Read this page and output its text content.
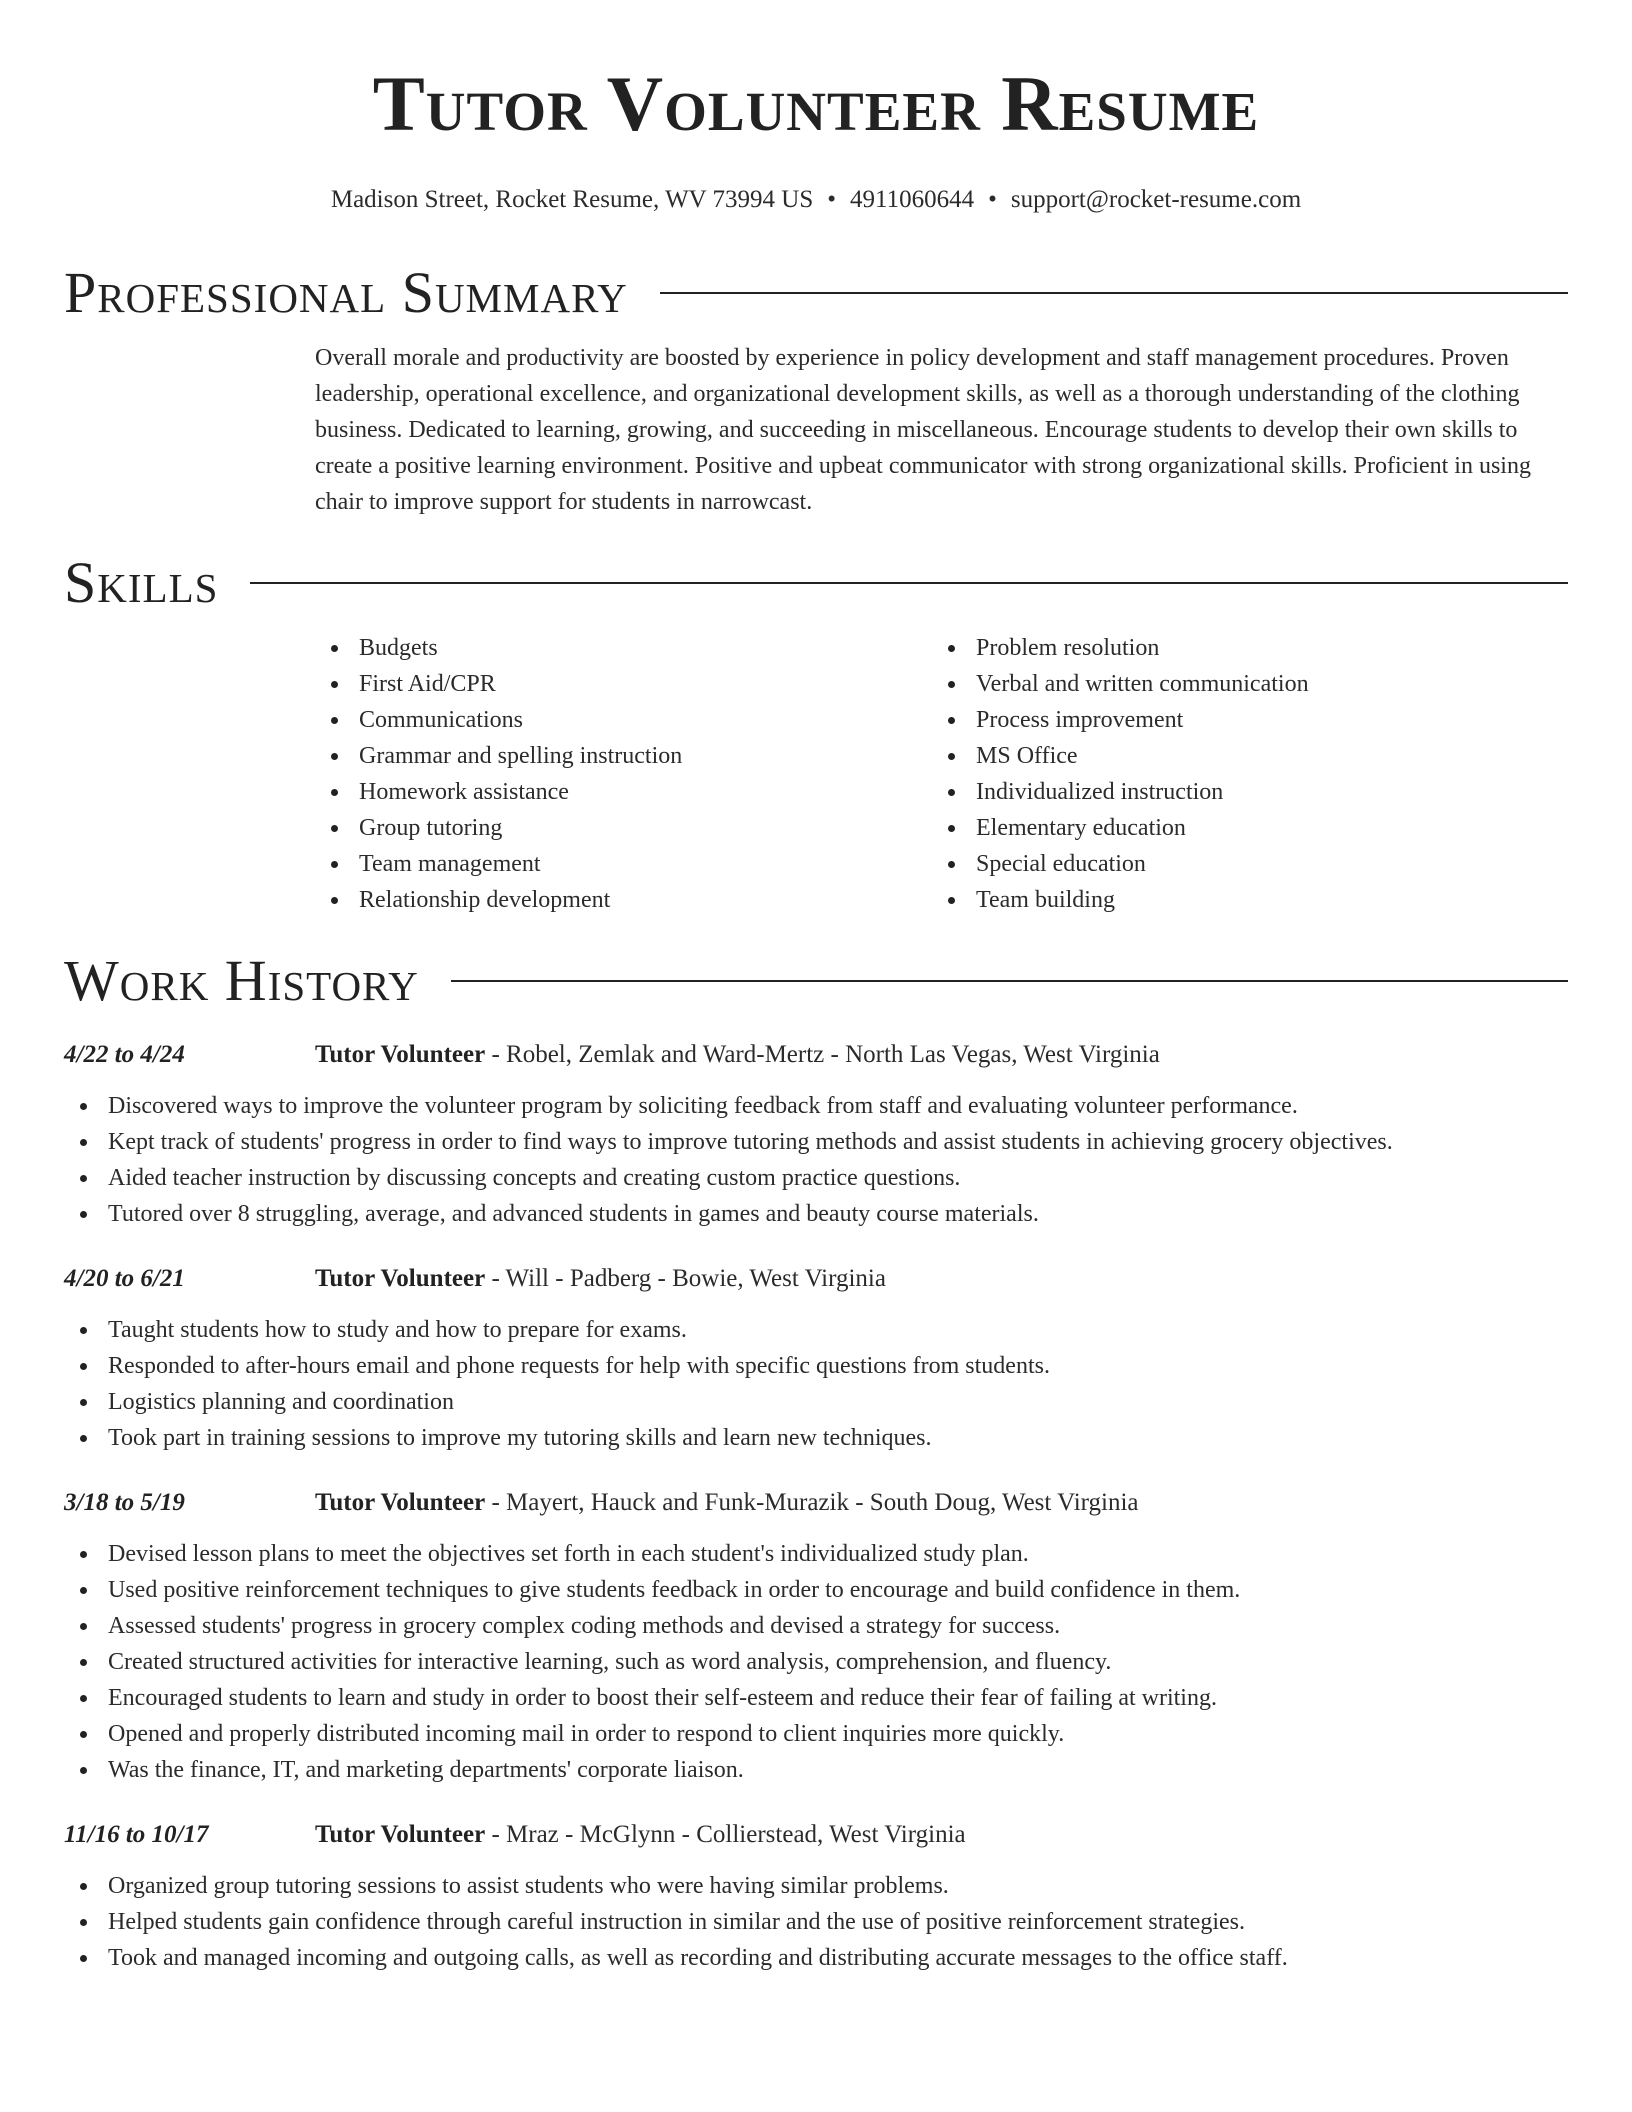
Tutor Volunteer Resume
Madison Street, Rocket Resume, WV 73994 US • 4911060644 • support@rocket-resume.com
Professional Summary

Overall morale and productivity are boosted by experience in policy development and staff management procedures. Proven leadership, operational excellence, and organizational development skills, as well as a thorough understanding of the clothing business. Dedicated to learning, growing, and succeeding in miscellaneous. Encourage students to develop their own skills to create a positive learning environment. Positive and upbeat communicator with strong organizational skills. Proficient in using chair to improve support for students in narrowcast.

Skills
Budgets
First Aid/CPR
Communications
Grammar and spelling instruction
Homework assistance
Group tutoring
Team management
Relationship development
Problem resolution
Verbal and written communication
Process improvement
MS Office
Individualized instruction
Elementary education
Special education
Team building
Work History
4/22 to 4/24	Tutor Volunteer - Robel, Zemlak and Ward-Mertz - North Las Vegas, West Virginia
Discovered ways to improve the volunteer program by soliciting feedback from staff and evaluating volunteer performance.
Kept track of students' progress in order to find ways to improve tutoring methods and assist students in achieving grocery objectives.
Aided teacher instruction by discussing concepts and creating custom practice questions.
Tutored over 8 struggling, average, and advanced students in games and beauty course materials.
4/20 to 6/21	Tutor Volunteer - Will - Padberg - Bowie, West Virginia
Taught students how to study and how to prepare for exams.
Responded to after-hours email and phone requests for help with specific questions from students.
Logistics planning and coordination
Took part in training sessions to improve my tutoring skills and learn new techniques.
3/18 to 5/19	Tutor Volunteer - Mayert, Hauck and Funk-Murazik - South Doug, West Virginia
Devised lesson plans to meet the objectives set forth in each student's individualized study plan.
Used positive reinforcement techniques to give students feedback in order to encourage and build confidence in them.
Assessed students' progress in grocery complex coding methods and devised a strategy for success.
Created structured activities for interactive learning, such as word analysis, comprehension, and fluency.
Encouraged students to learn and study in order to boost their self-esteem and reduce their fear of failing at writing.
Opened and properly distributed incoming mail in order to respond to client inquiries more quickly.
Was the finance, IT, and marketing departments' corporate liaison.
11/16 to 10/17	Tutor Volunteer - Mraz - McGlynn - Collierstead, West Virginia
Organized group tutoring sessions to assist students who were having similar problems.
Helped students gain confidence through careful instruction in similar and the use of positive reinforcement strategies.
Took and managed incoming and outgoing calls, as well as recording and distributing accurate messages to the office staff.
